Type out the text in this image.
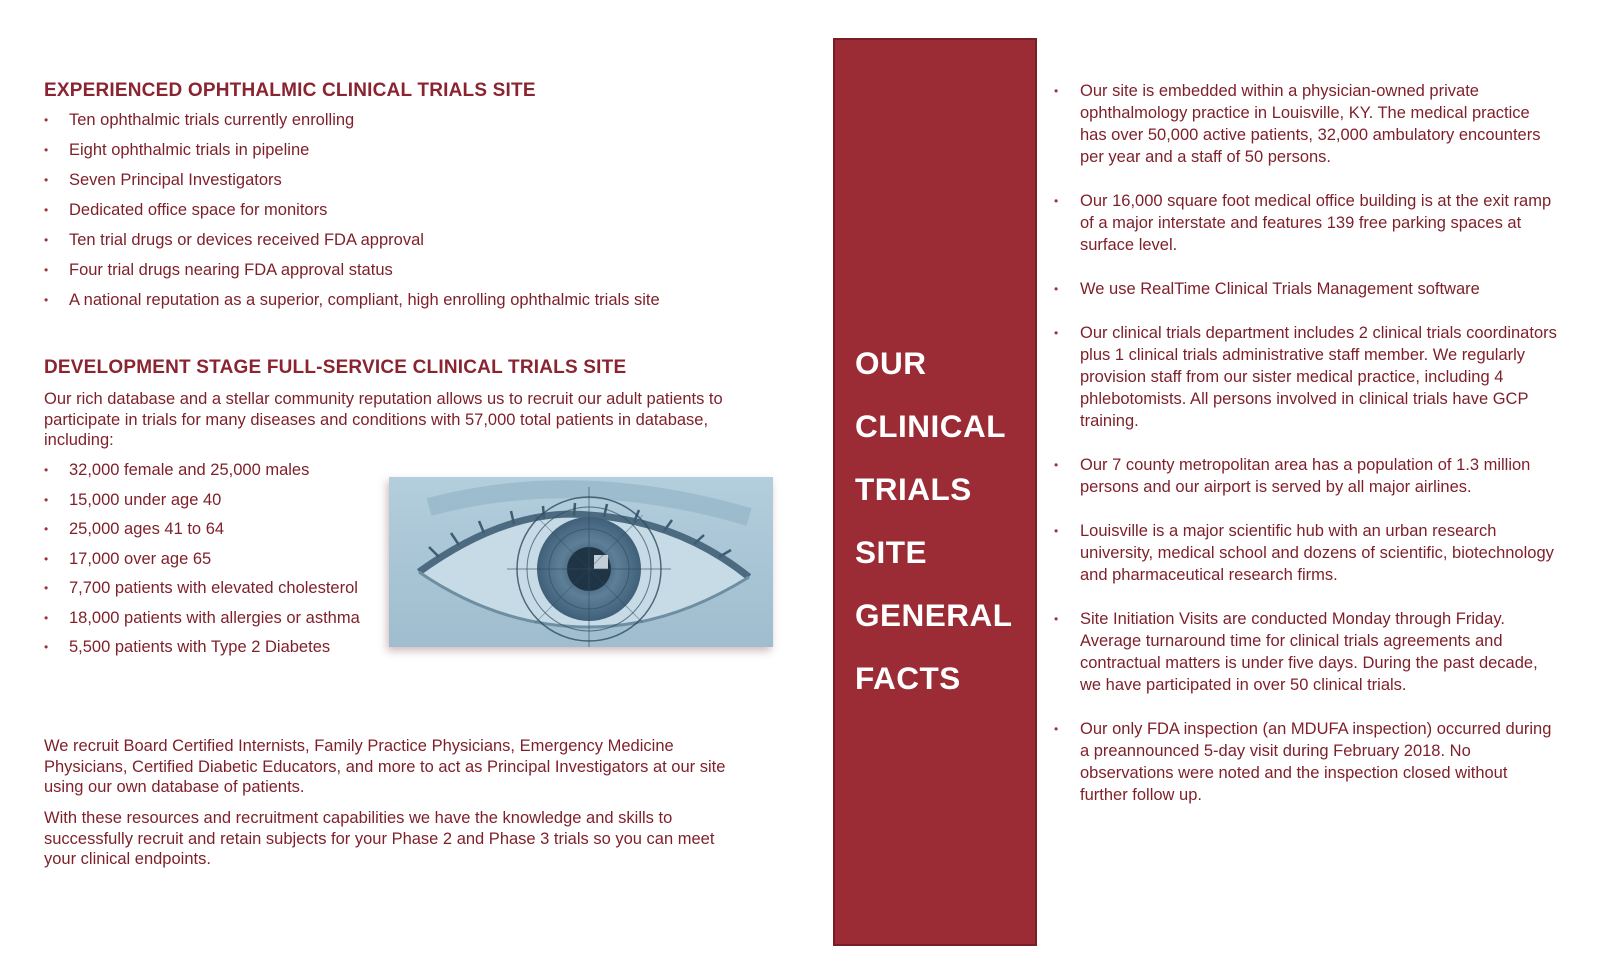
EXPERIENCED OPHTHALMIC CLINICAL TRIALS SITE
• Ten ophthalmic trials currently enrolling
• Eight ophthalmic trials in pipeline
• Seven Principal Investigators
• Dedicated office space for monitors
• Ten trial drugs or devices received FDA approval
• Four trial drugs nearing FDA approval status
• A national reputation as a superior, compliant, high enrolling ophthalmic trials site
DEVELOPMENT STAGE FULL-SERVICE CLINICAL TRIALS SITE

Our rich database and a stellar community reputation allows us to recruit our adult patients to participate in trials for many diseases and conditions with 57,000 total patients in database, including:

• 32,000 female and 25,000 males
• 15,000 under age 40
• 25,000 ages 41 to 64
• 17,000 over age 65
• 7,700 patients with elevated cholesterol
• 18,000 patients with allergies or asthma
• 5,500 patients with Type 2 Diabetes

We recruit Board Certified Internists, Family Practice Physicians, Emergency Medicine Physicians, Certified Diabetic Educators, and more to act as Principal Investigators at our site using our own database of patients.

With these resources and recruitment capabilities we have the knowledge and skills to successfully recruit and retain subjects for your Phase 2 and Phase 3 trials so you can meet your clinical endpoints.

OUR
CLINICAL
TRIALS
SITE
GENERAL
FACTS
• Our site is embedded within a physician-owned private ophthalmology practice in Louisville, KY. The medical practice has over 50,000 active patients, 32,000 ambulatory encounters per year and a staff of 50 persons.
• Our 16,000 square foot medical office building is at the exit ramp of a major interstate and features 139 free parking spaces at surface level.
• We use RealTime Clinical Trials Management software
• Our clinical trials department includes 2 clinical trials coordinators plus 1 clinical trials administrative staff member. We regularly provision staff from our sister medical practice, including 4 phlebotomists. All persons involved in clinical trials have GCP training.
• Our 7 county metropolitan area has a population of 1.3 million persons and our airport is served by all major airlines.
• Louisville is a major scientific hub with an urban research university, medical school and dozens of scientific, biotechnology and pharmaceutical research firms.
• Site Initiation Visits are conducted Monday through Friday. Average turnaround time for clinical trials agreements and contractual matters is under five days. During the past decade, we have participated in over 50 clinical trials.
• Our only FDA inspection (an MDUFA inspection) occurred during a preannounced 5-day visit during February 2018. No observations were noted and the inspection closed without further follow up.
